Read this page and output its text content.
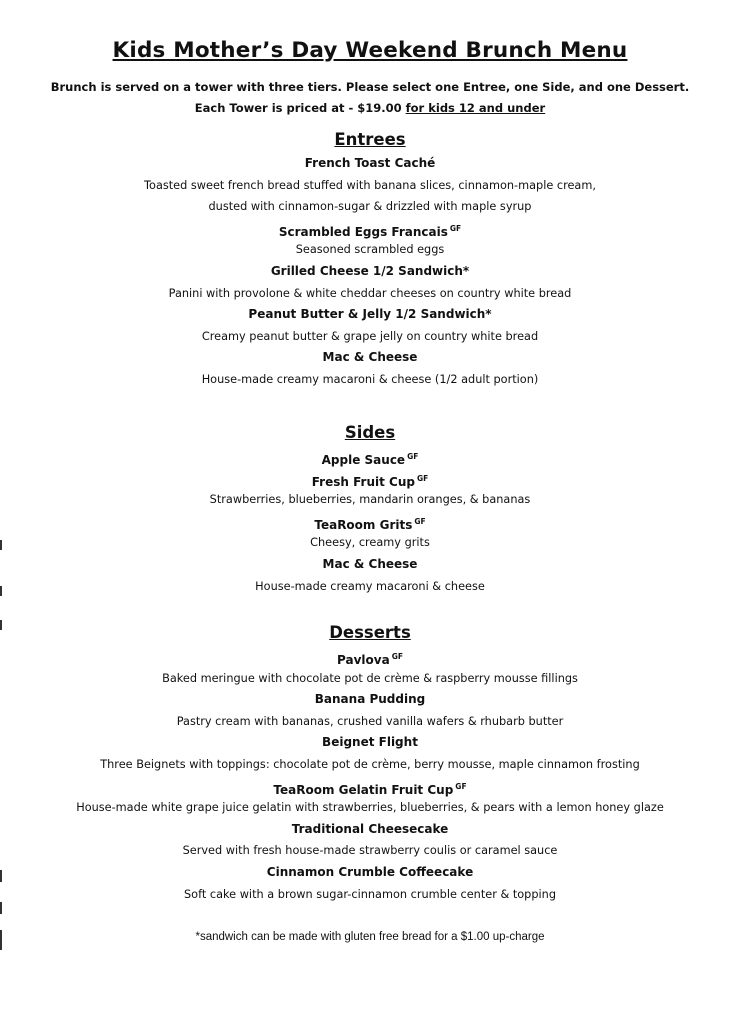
Kids Mother’s Day Weekend Brunch Menu
Brunch is served on a tower with three tiers. Please select one Entree, one Side, and one Dessert.
Each Tower is priced at - $19.00 for kids 12 and under
Entrees
French Toast Caché
Toasted sweet french bread stuffed with banana slices, cinnamon-maple cream,
dusted with cinnamon-sugar & drizzled with maple syrup
Scrambled Eggs Francais $^{GF}$
Seasoned scrambled eggs
Grilled Cheese 1/2 Sandwich*
Panini with provolone & white cheddar cheeses on country white bread
Peanut Butter & Jelly 1/2 Sandwich*
Creamy peanut butter & grape jelly on country white bread
Mac & Cheese
House-made creamy macaroni & cheese (1/2 adult portion)
Sides
Apple Sauce $^{GF}$
Fresh Fruit Cup $^{GF}$
Strawberries, blueberries, mandarin oranges, & bananas
TeaRoom Grits $^{GF}$
Cheesy, creamy grits
Mac & Cheese
House-made creamy macaroni & cheese
Desserts
Pavlova $^{GF}$
Baked meringue with chocolate pot de crème & raspberry mousse fillings
Banana Pudding
Pastry cream with bananas, crushed vanilla wafers & rhubarb butter
Beignet Flight
Three Beignets with toppings: chocolate pot de crème, berry mousse, maple cinnamon frosting
TeaRoom Gelatin Fruit Cup $^{GF}$
House-made white grape juice gelatin with strawberries, blueberries, & pears with a lemon honey glaze
Traditional Cheesecake
Served with fresh house-made strawberry coulis or caramel sauce
Cinnamon Crumble Coffeecake
Soft cake with a brown sugar-cinnamon crumble center & topping
*sandwich can be made with gluten free bread for a $1.00 up-charge
